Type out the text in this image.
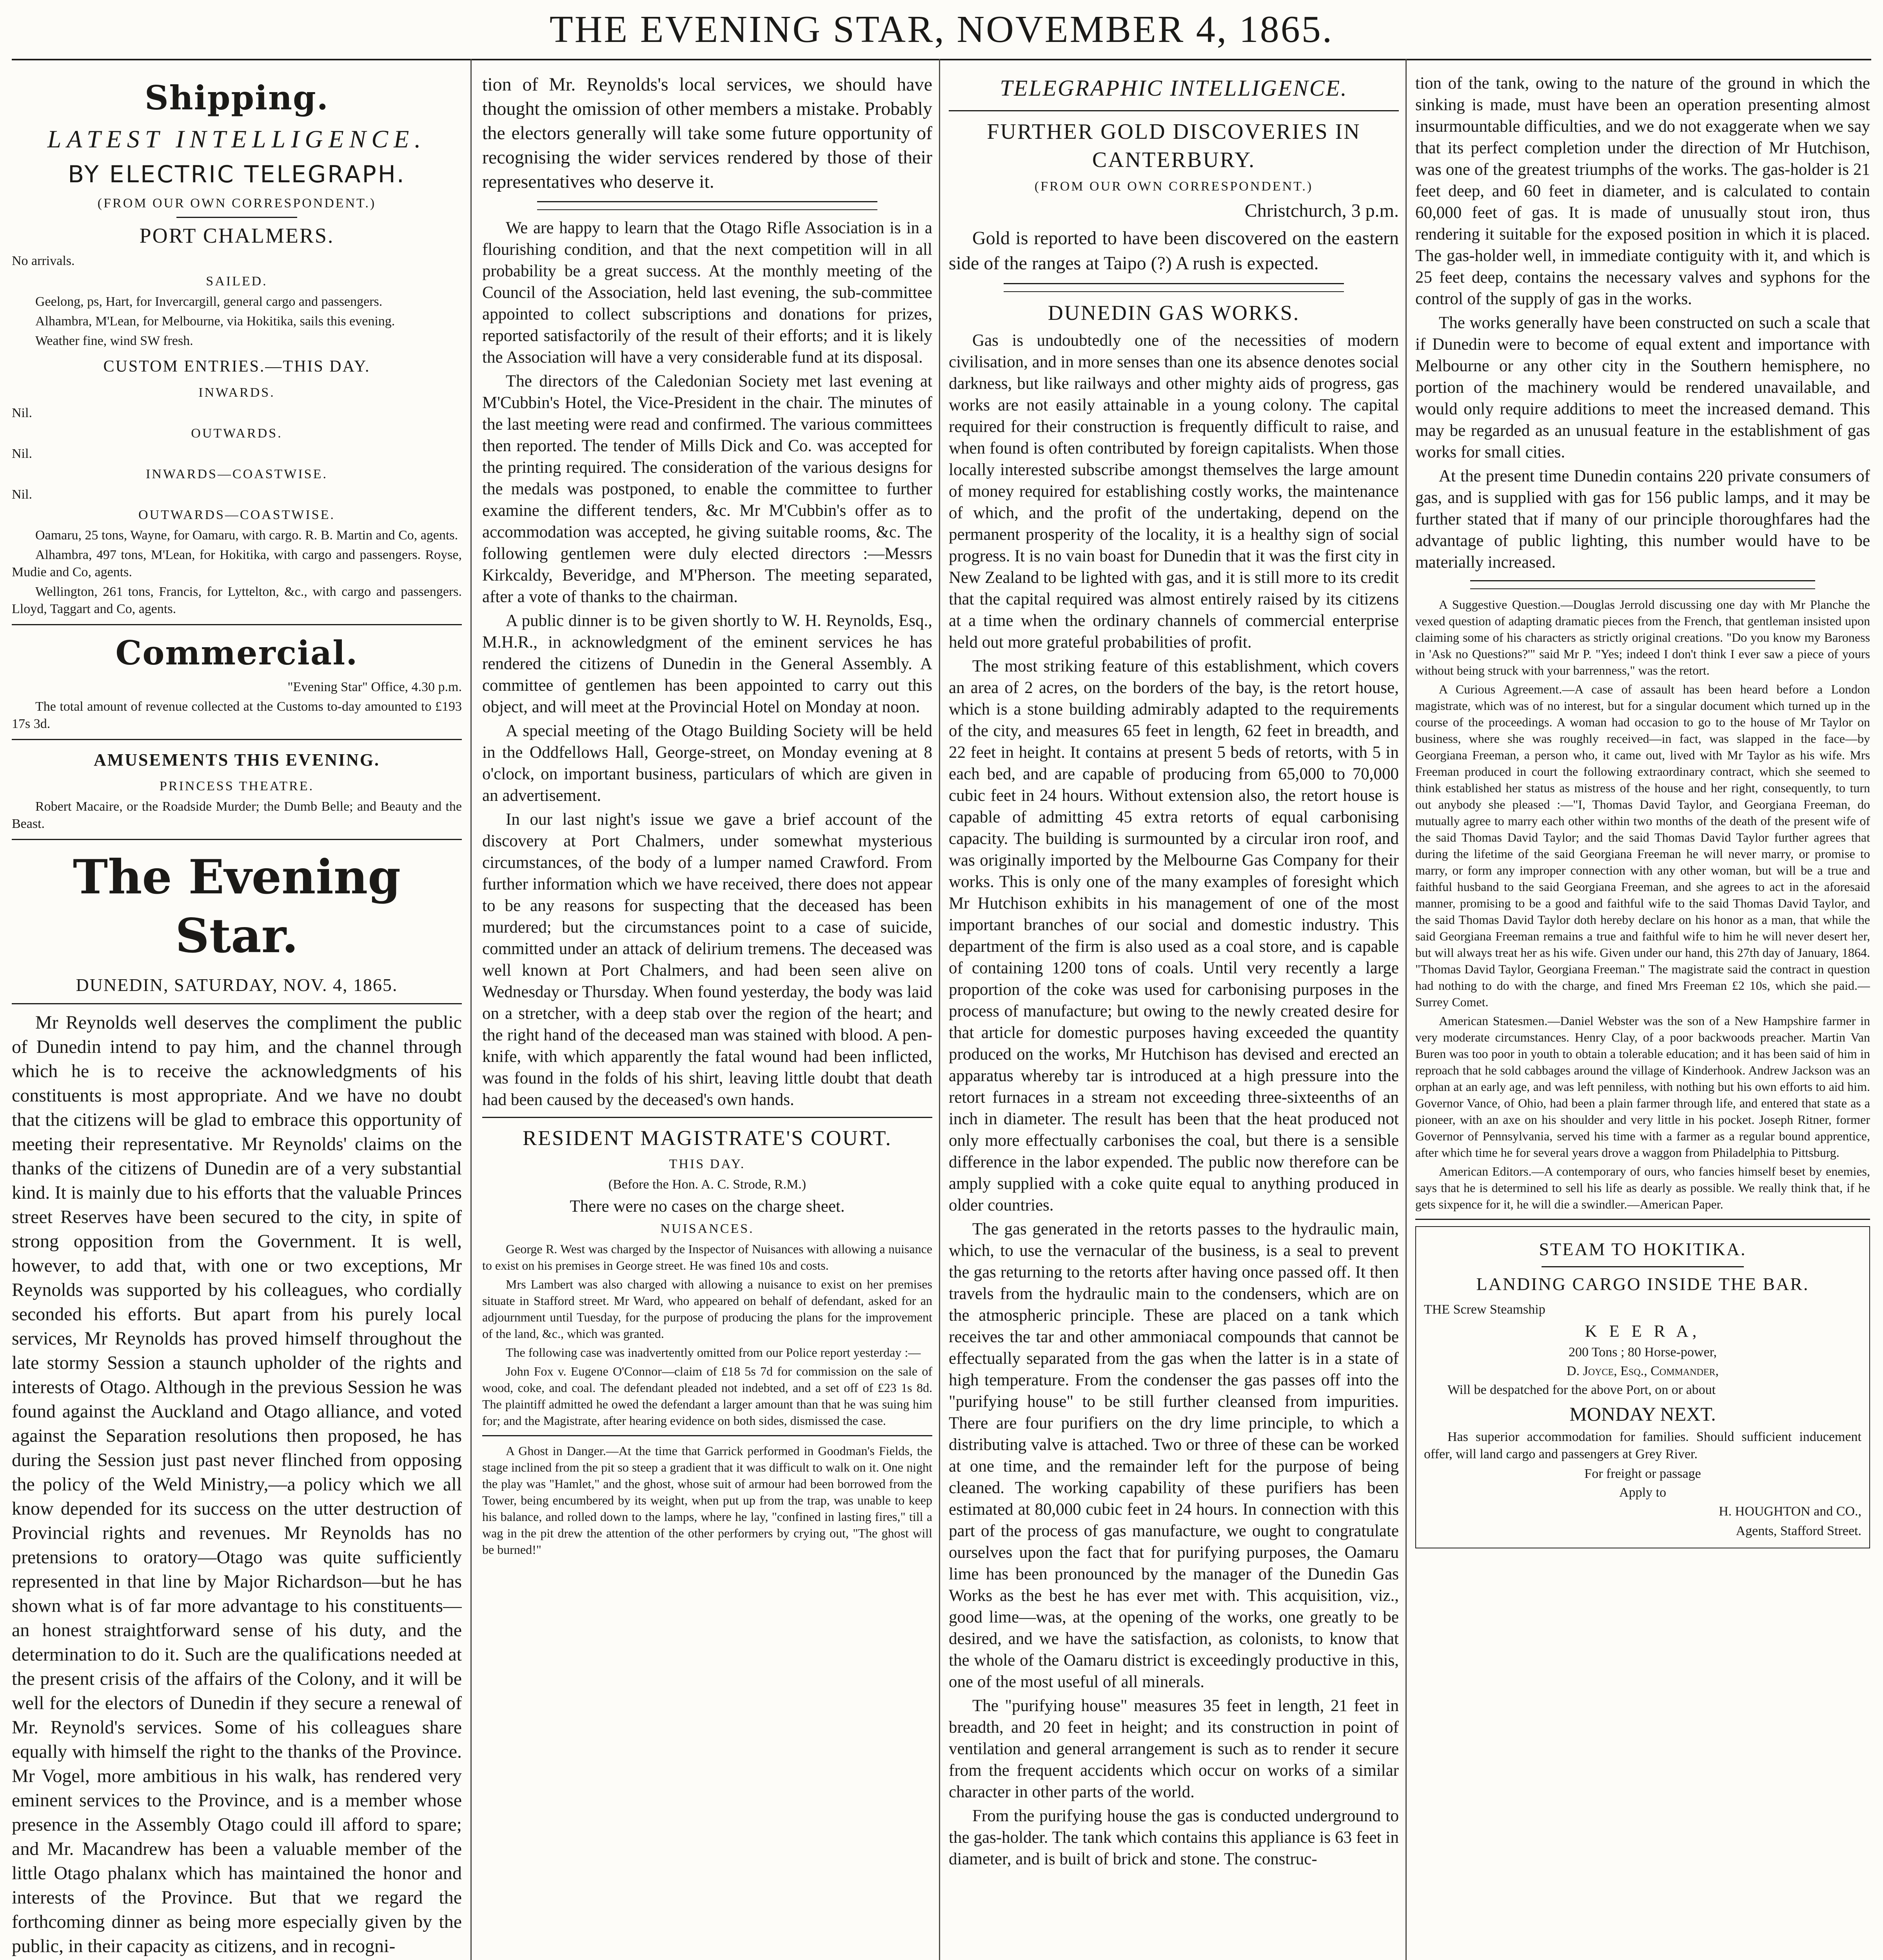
THE EVENING STAR, NOVEMBER 4, 1865.
Shipping.
LATEST INTELLIGENCE.
BY ELECTRIC TELEGRAPH.
(FROM OUR OWN CORRESPONDENT.)
PORT CHALMERS.

No arrivals.

SAILED.

Geelong, ps, Hart, for Invercargill, general cargo and passengers.

Alhambra, M'Lean, for Melbourne, via Hokitika, sails this evening.

Weather fine, wind SW fresh.

CUSTOM ENTRIES.—THIS DAY.
INWARDS.

Nil.

OUTWARDS.

Nil.

INWARDS—COASTWISE.

Nil.

OUTWARDS—COASTWISE.

Oamaru, 25 tons, Wayne, for Oamaru, with cargo. R. B. Martin and Co, agents.

Alhambra, 497 tons, M'Lean, for Hokitika, with cargo and passengers. Royse, Mudie and Co, agents.

Wellington, 261 tons, Francis, for Lyttelton, &c., with cargo and passengers. Lloyd, Taggart and Co, agents.

Commercial.

"Evening Star" Office, 4.30 p.m.

The total amount of revenue collected at the Customs to-day amounted to £193 17s 3d.

AMUSEMENTS THIS EVENING.
PRINCESS THEATRE.

Robert Macaire, or the Roadside Murder; the Dumb Belle; and Beauty and the Beast.

The Evening Star.
DUNEDIN, SATURDAY, NOV. 4, 1865.

Mr Reynolds well deserves the compliment the public of Dunedin intend to pay him, and the channel through which he is to receive the acknowledgments of his constituents is most appropriate. And we have no doubt that the citizens will be glad to embrace this opportunity of meeting their representative. Mr Reynolds' claims on the thanks of the citizens of Dunedin are of a very substantial kind. It is mainly due to his efforts that the valuable Princes street Reserves have been secured to the city, in spite of strong opposition from the Government. It is well, however, to add that, with one or two exceptions, Mr Reynolds was supported by his colleagues, who cordially seconded his efforts. But apart from his purely local services, Mr Reynolds has proved himself throughout the late stormy Session a staunch upholder of the rights and interests of Otago. Although in the previous Session he was found against the Auckland and Otago alliance, and voted against the Separation resolutions then proposed, he has during the Session just past never flinched from opposing the policy of the Weld Ministry,—a policy which we all know depended for its success on the utter destruction of Provincial rights and revenues. Mr Reynolds has no pretensions to oratory—Otago was quite sufficiently represented in that line by Major Richardson—but he has shown what is of far more advantage to his constituents—an honest straightforward sense of his duty, and the determination to do it. Such are the qualifications needed at the present crisis of the affairs of the Colony, and it will be well for the electors of Dunedin if they secure a renewal of Mr. Reynold's services. Some of his colleagues share equally with himself the right to the thanks of the Province. Mr Vogel, more ambitious in his walk, has rendered very eminent services to the Province, and is a member whose presence in the Assembly Otago could ill afford to spare; and Mr. Macandrew has been a valuable member of the little Otago phalanx which has maintained the honor and interests of the Province. But that we regard the forthcoming dinner as being more especially given by the public, in their capacity as citizens, and in recogni-

tion of Mr. Reynolds's local services, we should have thought the omission of other members a mistake. Probably the electors generally will take some future opportunity of recognising the wider services rendered by those of their representatives who deserve it.

We are happy to learn that the Otago Rifle Association is in a flourishing condition, and that the next competition will in all probability be a great success. At the monthly meeting of the Council of the Association, held last evening, the sub-committee appointed to collect subscriptions and donations for prizes, reported satisfactorily of the result of their efforts; and it is likely the Association will have a very considerable fund at its disposal.

The directors of the Caledonian Society met last evening at M'Cubbin's Hotel, the Vice-President in the chair. The minutes of the last meeting were read and confirmed. The various committees then reported. The tender of Mills Dick and Co. was accepted for the printing required. The consideration of the various designs for the medals was postponed, to enable the committee to further examine the different tenders, &c. Mr M'Cubbin's offer as to accommodation was accepted, he giving suitable rooms, &c. The following gentlemen were duly elected directors :—Messrs Kirkcaldy, Beveridge, and M'Pherson. The meeting separated, after a vote of thanks to the chairman.

A public dinner is to be given shortly to W. H. Reynolds, Esq., M.H.R., in acknowledgment of the eminent services he has rendered the citizens of Dunedin in the General Assembly. A committee of gentlemen has been appointed to carry out this object, and will meet at the Provincial Hotel on Monday at noon.

A special meeting of the Otago Building Society will be held in the Oddfellows Hall, George-street, on Monday evening at 8 o'clock, on important business, particulars of which are given in an advertisement.

In our last night's issue we gave a brief account of the discovery at Port Chalmers, under somewhat mysterious circumstances, of the body of a lumper named Crawford. From further information which we have received, there does not appear to be any reasons for suspecting that the deceased has been murdered; but the circumstances point to a case of suicide, committed under an attack of delirium tremens. The deceased was well known at Port Chalmers, and had been seen alive on Wednesday or Thursday. When found yesterday, the body was laid on a stretcher, with a deep stab over the region of the heart; and the right hand of the deceased man was stained with blood. A pen-knife, with which apparently the fatal wound had been inflicted, was found in the folds of his shirt, leaving little doubt that death had been caused by the deceased's own hands.

RESIDENT MAGISTRATE'S COURT.
THIS DAY.

(Before the Hon. A. C. Strode, R.M.)

There were no cases on the charge sheet.

NUISANCES.

George R. West was charged by the Inspector of Nuisances with allowing a nuisance to exist on his premises in George street. He was fined 10s and costs.

Mrs Lambert was also charged with allowing a nuisance to exist on her premises situate in Stafford street. Mr Ward, who appeared on behalf of defendant, asked for an adjournment until Tuesday, for the purpose of producing the plans for the improvement of the land, &c., which was granted.

The following case was inadvertently omitted from our Police report yesterday :—

John Fox v. Eugene O'Connor—claim of £18 5s 7d for commission on the sale of wood, coke, and coal. The defendant pleaded not indebted, and a set off of £23 1s 8d. The plaintiff admitted he owed the defendant a larger amount than that he was suing him for; and the Magistrate, after hearing evidence on both sides, dismissed the case.

A Ghost in Danger.—At the time that Garrick performed in Goodman's Fields, the stage inclined from the pit so steep a gradient that it was difficult to walk on it. One night the play was "Hamlet," and the ghost, whose suit of armour had been borrowed from the Tower, being encumbered by its weight, when put up from the trap, was unable to keep his balance, and rolled down to the lamps, where he lay, "confined in lasting fires," till a wag in the pit drew the attention of the other performers by crying out, "The ghost will be burned!"

TELEGRAPHIC INTELLIGENCE.
FURTHER GOLD DISCOVERIES IN CANTERBURY.
(FROM OUR OWN CORRESPONDENT.)

Christchurch, 3 p.m.

Gold is reported to have been discovered on the eastern side of the ranges at Taipo (?) A rush is expected.

DUNEDIN GAS WORKS.

Gas is undoubtedly one of the necessities of modern civilisation, and in more senses than one its absence denotes social darkness, but like railways and other mighty aids of progress, gas works are not easily attainable in a young colony. The capital required for their construction is frequently difficult to raise, and when found is often contributed by foreign capitalists. When those locally interested subscribe amongst themselves the large amount of money required for establishing costly works, the maintenance of which, and the profit of the undertaking, depend on the permanent prosperity of the locality, it is a healthy sign of social progress. It is no vain boast for Dunedin that it was the first city in New Zealand to be lighted with gas, and it is still more to its credit that the capital required was almost entirely raised by its citizens at a time when the ordinary channels of commercial enterprise held out more grateful probabilities of profit.

The most striking feature of this establishment, which covers an area of 2 acres, on the borders of the bay, is the retort house, which is a stone building admirably adapted to the requirements of the city, and measures 65 feet in length, 62 feet in breadth, and 22 feet in height. It contains at present 5 beds of retorts, with 5 in each bed, and are capable of producing from 65,000 to 70,000 cubic feet in 24 hours. Without extension also, the retort house is capable of admitting 45 extra retorts of equal carbonising capacity. The building is surmounted by a circular iron roof, and was originally imported by the Melbourne Gas Company for their works. This is only one of the many examples of foresight which Mr Hutchison exhibits in his management of one of the most important branches of our social and domestic industry. This department of the firm is also used as a coal store, and is capable of containing 1200 tons of coals. Until very recently a large proportion of the coke was used for carbonising purposes in the process of manufacture; but owing to the newly created desire for that article for domestic purposes having exceeded the quantity produced on the works, Mr Hutchison has devised and erected an apparatus whereby tar is introduced at a high pressure into the retort furnaces in a stream not exceeding three-sixteenths of an inch in diameter. The result has been that the heat produced not only more effectually carbonises the coal, but there is a sensible difference in the labor expended. The public now therefore can be amply supplied with a coke quite equal to anything produced in older countries.

The gas generated in the retorts passes to the hydraulic main, which, to use the vernacular of the business, is a seal to prevent the gas returning to the retorts after having once passed off. It then travels from the hydraulic main to the condensers, which are on the atmospheric principle. These are placed on a tank which receives the tar and other ammoniacal compounds that cannot be effectually separated from the gas when the latter is in a state of high temperature. From the condenser the gas passes off into the "purifying house" to be still further cleansed from impurities. There are four purifiers on the dry lime principle, to which a distributing valve is attached. Two or three of these can be worked at one time, and the remainder left for the purpose of being cleaned. The working capability of these purifiers has been estimated at 80,000 cubic feet in 24 hours. In connection with this part of the process of gas manufacture, we ought to congratulate ourselves upon the fact that for purifying purposes, the Oamaru lime has been pronounced by the manager of the Dunedin Gas Works as the best he has ever met with. This acquisition, viz., good lime—was, at the opening of the works, one greatly to be desired, and we have the satisfaction, as colonists, to know that the whole of the Oamaru district is exceedingly productive in this, one of the most useful of all minerals.

The "purifying house" measures 35 feet in length, 21 feet in breadth, and 20 feet in height; and its construction in point of ventilation and general arrangement is such as to render it secure from the frequent accidents which occur on works of a similar character in other parts of the world.

From the purifying house the gas is conducted underground to the gas-holder. The tank which contains this appliance is 63 feet in diameter, and is built of brick and stone. The construc-

tion of the tank, owing to the nature of the ground in which the sinking is made, must have been an operation presenting almost insurmountable difficulties, and we do not exaggerate when we say that its perfect completion under the direction of Mr Hutchison, was one of the greatest triumphs of the works. The gas-holder is 21 feet deep, and 60 feet in diameter, and is calculated to contain 60,000 feet of gas. It is made of unusually stout iron, thus rendering it suitable for the exposed position in which it is placed. The gas-holder well, in immediate contiguity with it, and which is 25 feet deep, contains the necessary valves and syphons for the control of the supply of gas in the works.

The works generally have been constructed on such a scale that if Dunedin were to become of equal extent and importance with Melbourne or any other city in the Southern hemisphere, no portion of the machinery would be rendered unavailable, and would only require additions to meet the increased demand. This may be regarded as an unusual feature in the establishment of gas works for small cities.

At the present time Dunedin contains 220 private consumers of gas, and is supplied with gas for 156 public lamps, and it may be further stated that if many of our principle thoroughfares had the advantage of public lighting, this number would have to be materially increased.

A Suggestive Question.—Douglas Jerrold discussing one day with Mr Planche the vexed question of adapting dramatic pieces from the French, that gentleman insisted upon claiming some of his characters as strictly original creations. "Do you know my Baroness in 'Ask no Questions?'" said Mr P. "Yes; indeed I don't think I ever saw a piece of yours without being struck with your barrenness," was the retort.

A Curious Agreement.—A case of assault has been heard before a London magistrate, which was of no interest, but for a singular document which turned up in the course of the proceedings. A woman had occasion to go to the house of Mr Taylor on business, where she was roughly received—in fact, was slapped in the face—by Georgiana Freeman, a person who, it came out, lived with Mr Taylor as his wife. Mrs Freeman produced in court the following extraordinary contract, which she seemed to think established her status as mistress of the house and her right, consequently, to turn out anybody she pleased :—"I, Thomas David Taylor, and Georgiana Freeman, do mutually agree to marry each other within two months of the death of the present wife of the said Thomas David Taylor; and the said Thomas David Taylor further agrees that during the lifetime of the said Georgiana Freeman he will never marry, or promise to marry, or form any improper connection with any other woman, but will be a true and faithful husband to the said Georgiana Freeman, and she agrees to act in the aforesaid manner, promising to be a good and faithful wife to the said Thomas David Taylor, and the said Thomas David Taylor doth hereby declare on his honor as a man, that while the said Georgiana Freeman remains a true and faithful wife to him he will never desert her, but will always treat her as his wife. Given under our hand, this 27th day of January, 1864. "Thomas David Taylor, Georgiana Freeman." The magistrate said the contract in question had nothing to do with the charge, and fined Mrs Freeman £2 10s, which she paid.—Surrey Comet.

American Statesmen.—Daniel Webster was the son of a New Hampshire farmer in very moderate circumstances. Henry Clay, of a poor backwoods preacher. Martin Van Buren was too poor in youth to obtain a tolerable education; and it has been said of him in reproach that he sold cabbages around the village of Kinderhook. Andrew Jackson was an orphan at an early age, and was left penniless, with nothing but his own efforts to aid him. Governor Vance, of Ohio, had been a plain farmer through life, and entered that state as a pioneer, with an axe on his shoulder and very little in his pocket. Joseph Ritner, former Governor of Pennsylvania, served his time with a farmer as a regular bound apprentice, after which time he for several years drove a waggon from Philadelphia to Pittsburg.

American Editors.—A contemporary of ours, who fancies himself beset by enemies, says that he is determined to sell his life as dearly as possible. We really think that, if he gets sixpence for it, he will die a swindler.—American Paper.

STEAM TO HOKITIKA.
LANDING CARGO INSIDE THE BAR.

THE Screw Steamship

K E E R A,

200 Tons ; 80 Horse-power,

D. Joyce, Esq., Commander,

Will be despatched for the above Port, on or about

MONDAY NEXT.

Has superior accommodation for families. Should sufficient inducement offer, will land cargo and passengers at Grey River.

For freight or passage

Apply to

H. HOUGHTON and CO.,

Agents, Stafford Street.
